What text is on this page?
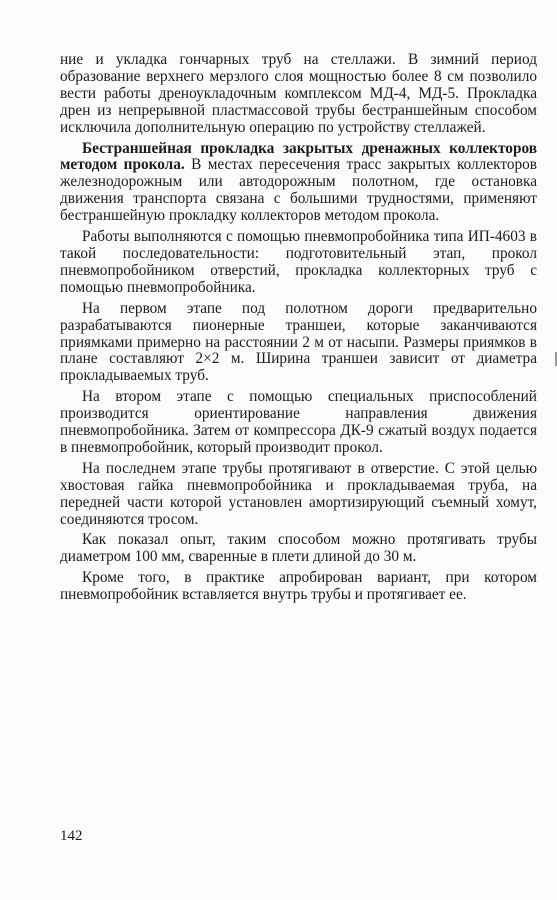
ние и укладка гончарных труб на стеллажи. В зимний период образование верхнего мерзлого слоя мощностью более 8 см позволило вести работы дреноукладочным комплексом МД-4, МД-5. Прокладка дрен из непрерывной пластмассовой трубы бестраншейным способом исключила дополнительную операцию по устройству стеллажей.

Бестраншейная прокладка закрытых дренажных коллекторов методом прокола. В местах пересечения трасс закрытых коллекторов железнодорожным или автодорожным полотном, где остановка движения транспорта связана с большими трудностями, применяют бестраншейную прокладку коллекторов методом прокола.

Работы выполняются с помощью пневмопробойника типа ИП-4603 в такой последовательности: подготовительный этап, прокол пневмопробойником отверстий, прокладка коллекторных труб с помощью пневмопробойника.

На первом этапе под полотном дороги предварительно разрабатываются пионерные траншеи, которые заканчиваются приямками примерно на расстоянии 2 м от насыпи. Размеры приямков в плане составляют 2×2 м. Ширина траншеи зависит от диаметра прокладываемых труб.

На втором этапе с помощью специальных приспособлений производится ориентирование направления движения пневмопробойника. Затем от компрессора ДК-9 сжатый воздух подается в пневмопробойник, который производит прокол.

На последнем этапе трубы протягивают в отверстие. С этой целью хвостовая гайка пневмопробойника и прокладываемая труба, на передней части которой установлен амортизирующий съемный хомут, соединяются тросом.

Как показал опыт, таким способом можно протягивать трубы диаметром 100 мм, сваренные в плети длиной до 30 м.

Кроме того, в практике апробирован вариант, при котором пневмопробойник вставляется внутрь трубы и протягивает ее.

142
